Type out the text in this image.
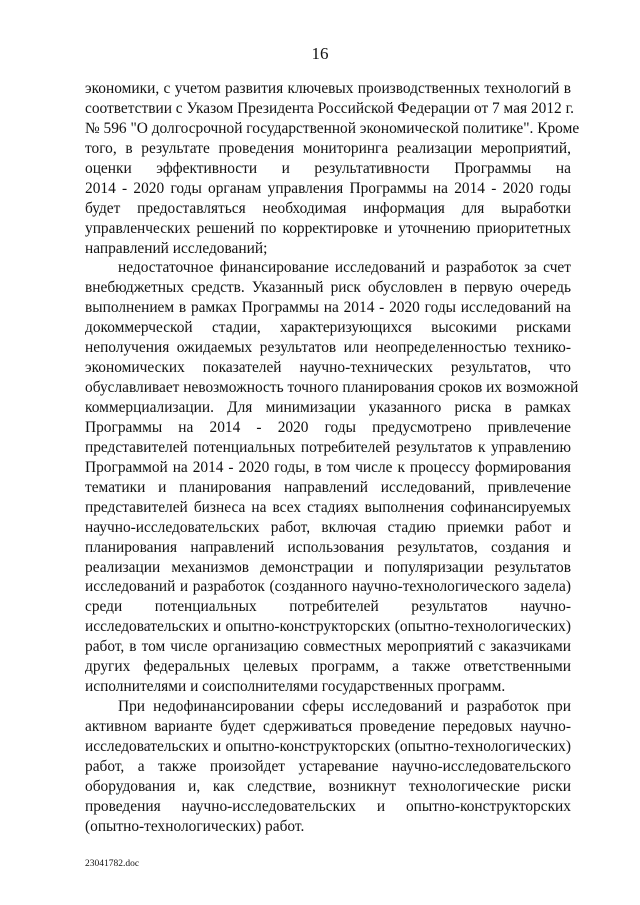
16
экономики, с учетом развития ключевых производственных технологий в
соответствии с Указом Президента Российской Федерации от 7 мая 2012 г.
№ 596 "О долгосрочной государственной экономической политике". Кроме
того, в результате проведения мониторинга реализации мероприятий,
оценки эффективности и результативности Программы на
2014 - 2020 годы органам управления Программы на 2014 - 2020 годы
будет предоставляться необходимая информация для выработки
управленческих решений по корректировке и уточнению приоритетных
направлений исследований;
недостаточное финансирование исследований и разработок за счет
внебюджетных средств. Указанный риск обусловлен в первую очередь
выполнением в рамках Программы на 2014 - 2020 годы исследований на
докоммерческой стадии, характеризующихся высокими рисками
неполучения ожидаемых результатов или неопределенностью технико-
экономических показателей научно-технических результатов, что
обуславливает невозможность точного планирования сроков их возможной
коммерциализации. Для минимизации указанного риска в рамках
Программы на 2014 - 2020 годы предусмотрено привлечение
представителей потенциальных потребителей результатов к управлению
Программой на 2014 - 2020 годы, в том числе к процессу формирования
тематики и планирования направлений исследований, привлечение
представителей бизнеса на всех стадиях выполнения софинансируемых
научно-исследовательских работ, включая стадию приемки работ и
планирования направлений использования результатов, создания и
реализации механизмов демонстрации и популяризации результатов
исследований и разработок (созданного научно-технологического задела)
среди потенциальных потребителей результатов научно-
исследовательских и опытно-конструкторских (опытно-технологических)
работ, в том числе организацию совместных мероприятий с заказчиками
других федеральных целевых программ, а также ответственными
исполнителями и соисполнителями государственных программ.
При недофинансировании сферы исследований и разработок при
активном варианте будет сдерживаться проведение передовых научно-
исследовательских и опытно-конструкторских (опытно-технологических)
работ, а также произойдет устаревание научно-исследовательского
оборудования и, как следствие, возникнут технологические риски
проведения научно-исследовательских и опытно-конструкторских
(опытно-технологических) работ.
23041782.doc
